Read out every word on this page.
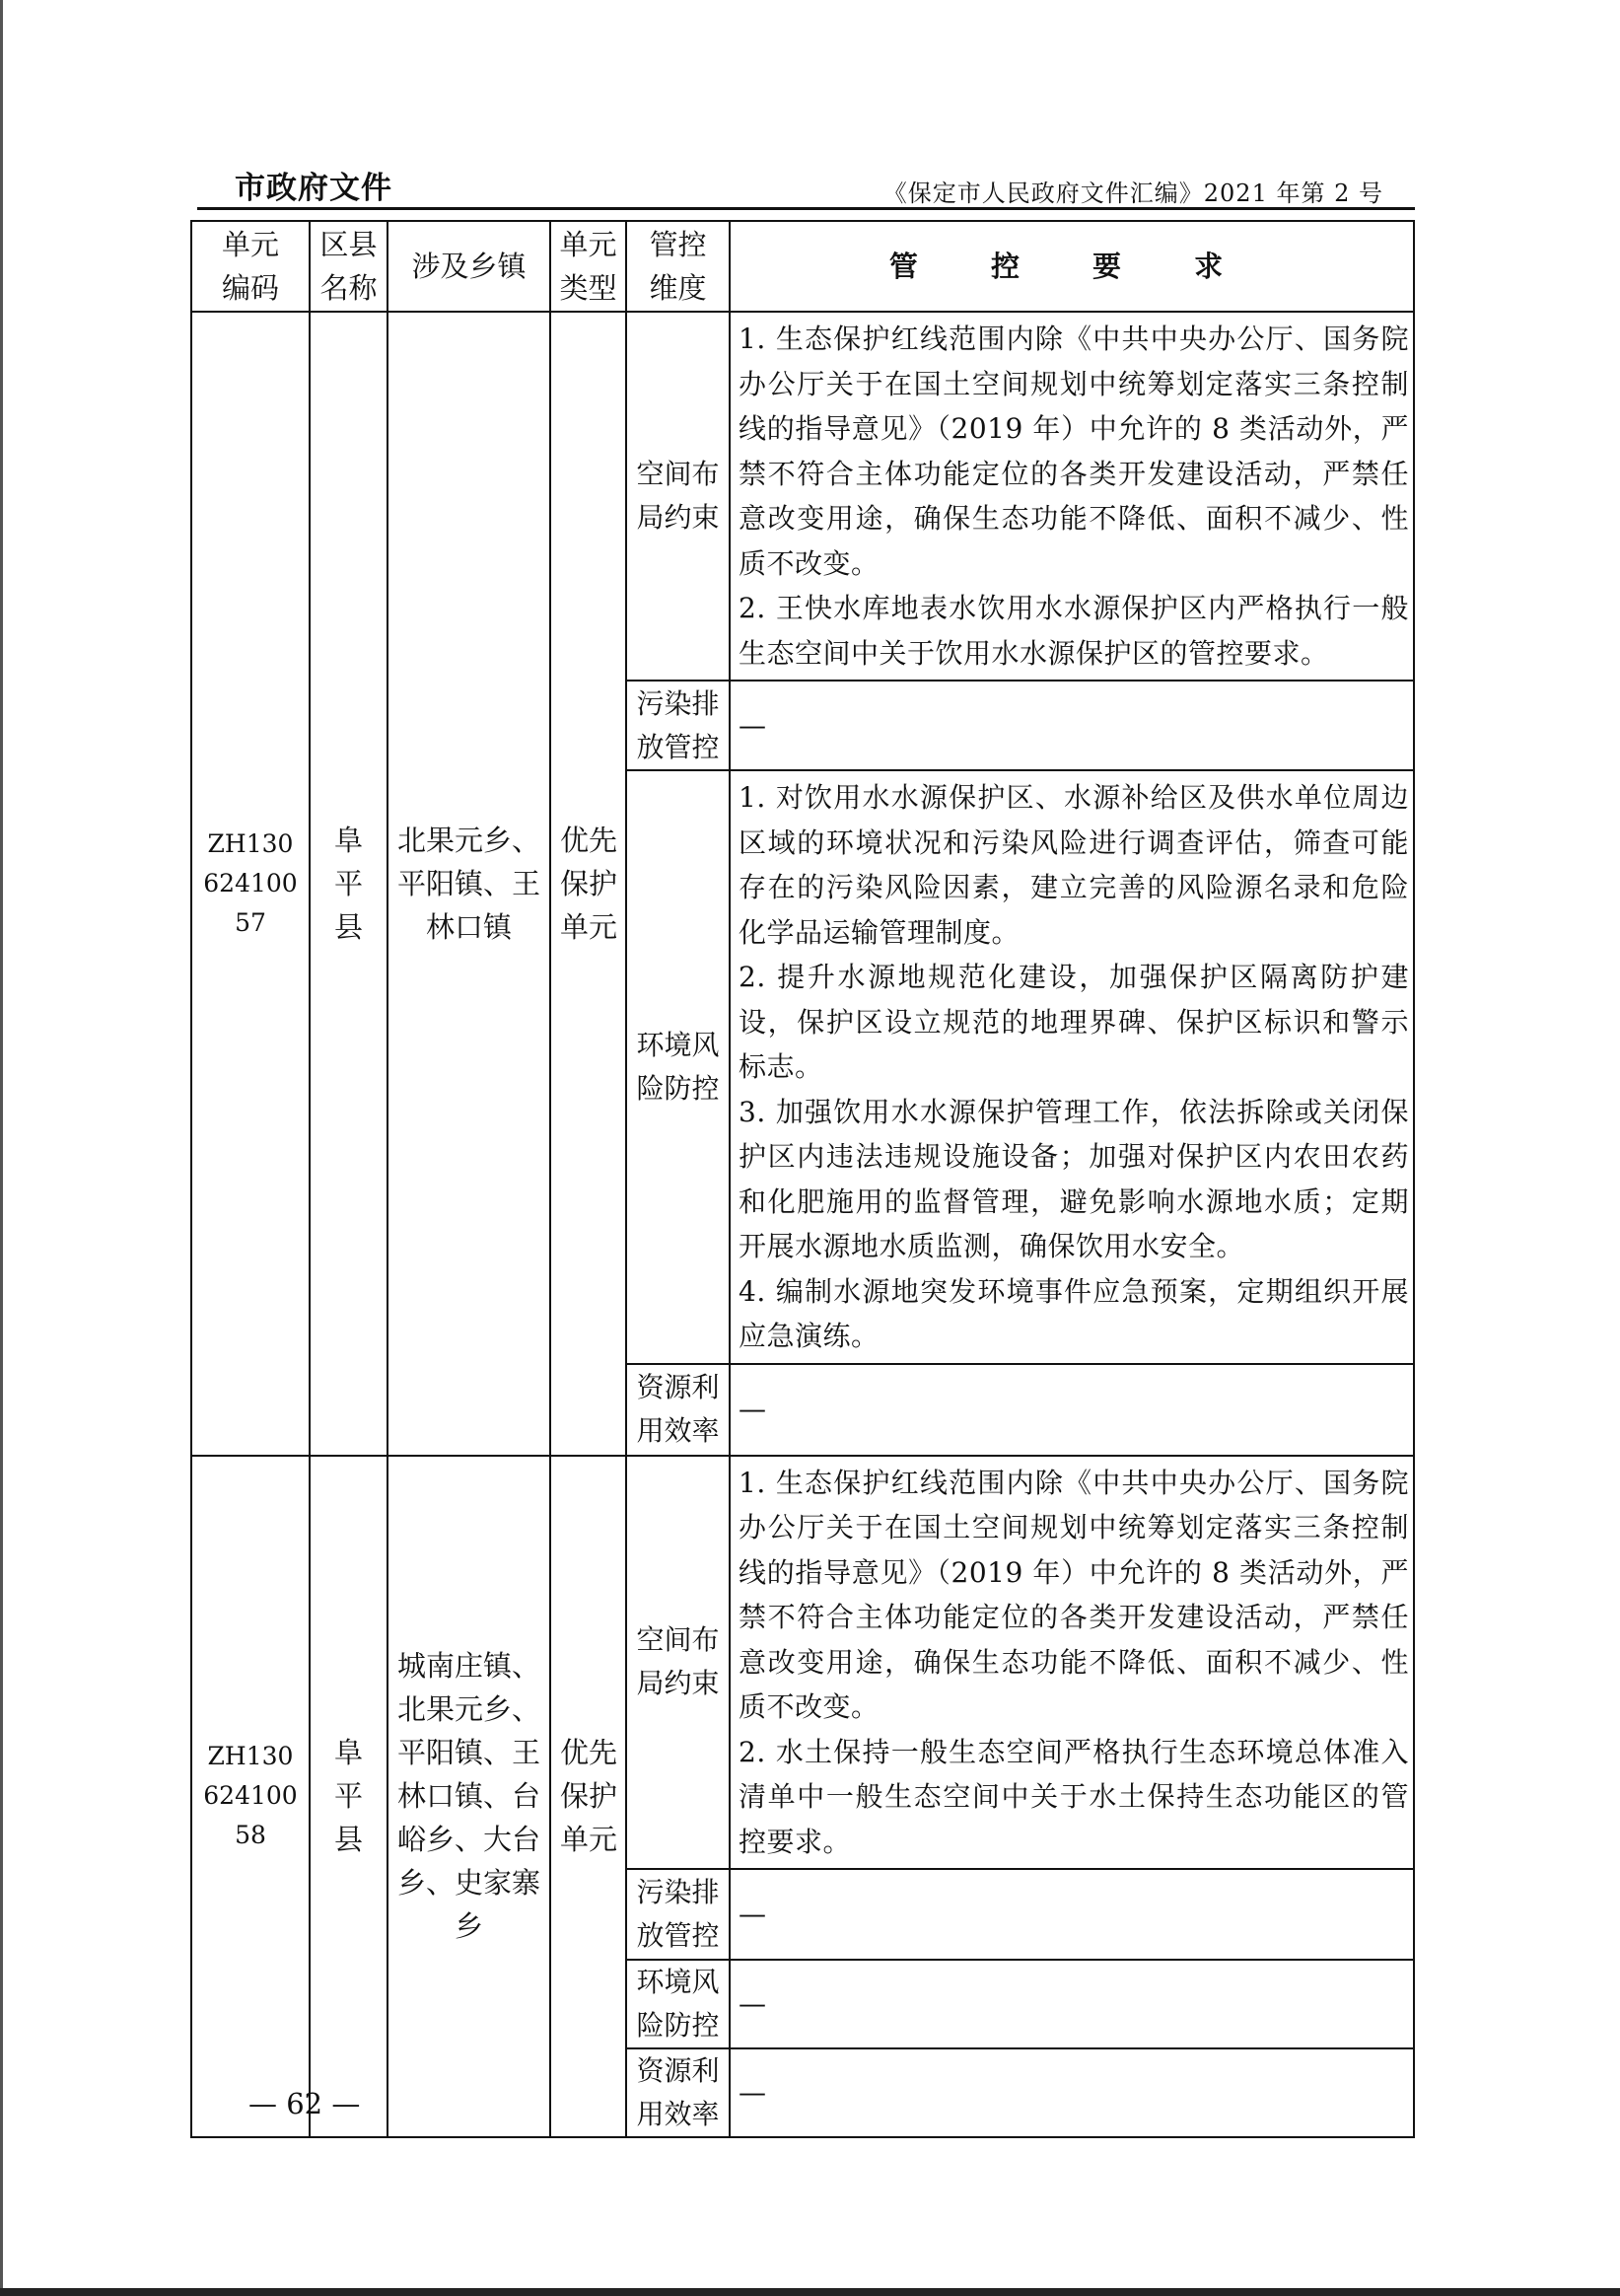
市政府文件	《保定市人民政府文件汇编》2021 年第 2 号
单元编码	区县名称	涉及乡镇	单元类型	管控维度	管 控 要 求

ZH13062410057	阜平县	北果元乡、平阳镇、王林口镇	优先保护单元	空间布局约束	1. 生态保护红线范围内除《中共中央办公厅、国务院办公厅关于在国土空间规划中统筹划定落实三条控制线的指导意见》（2019 年）中允许的 8 类活动外，严禁不符合主体功能定位的各类开发建设活动，严禁任意改变用途，确保生态功能不降低、面积不减少、性质不改变。

2. 王快水库地表水饮用水水源保护区内严格执行一般生态空间中关于饮用水水源保护区的管控要求。

				污染排放管控	—

				环境风险防控	1. 对饮用水水源保护区、水源补给区及供水单位周边区域的环境状况和污染风险进行调查评估，筛查可能存在的污染风险因素，建立完善的风险源名录和危险化学品运输管理制度。

2. 提升水源地规范化建设，加强保护区隔离防护建设，保护区设立规范的地理界碑、保护区标识和警示标志。

3. 加强饮用水水源保护管理工作，依法拆除或关闭保护区内违法违规设施设备；加强对保护区内农田农药和化肥施用的监督管理，避免影响水源地水质；定期开展水源地水质监测，确保饮用水安全。

4. 编制水源地突发环境事件应急预案，定期组织开展应急演练。

				资源利用效率	—

ZH13062410058	阜平县	城南庄镇、北果元乡、平阳镇、王林口镇、台峪乡、大台乡、史家寨乡	优先保护单元	空间布局约束	1. 生态保护红线范围内除《中共中央办公厅、国务院办公厅关于在国土空间规划中统筹划定落实三条控制线的指导意见》（2019 年）中允许的 8 类活动外，严禁不符合主体功能定位的各类开发建设活动，严禁任意改变用途，确保生态功能不降低、面积不减少、性质不改变。

2. 水土保持一般生态空间严格执行生态环境总体准入清单中一般生态空间中关于水土保持生态功能区的管控要求。

				污染排放管控	—

				环境风险防控	—

				资源利用效率	—

— 62 —
